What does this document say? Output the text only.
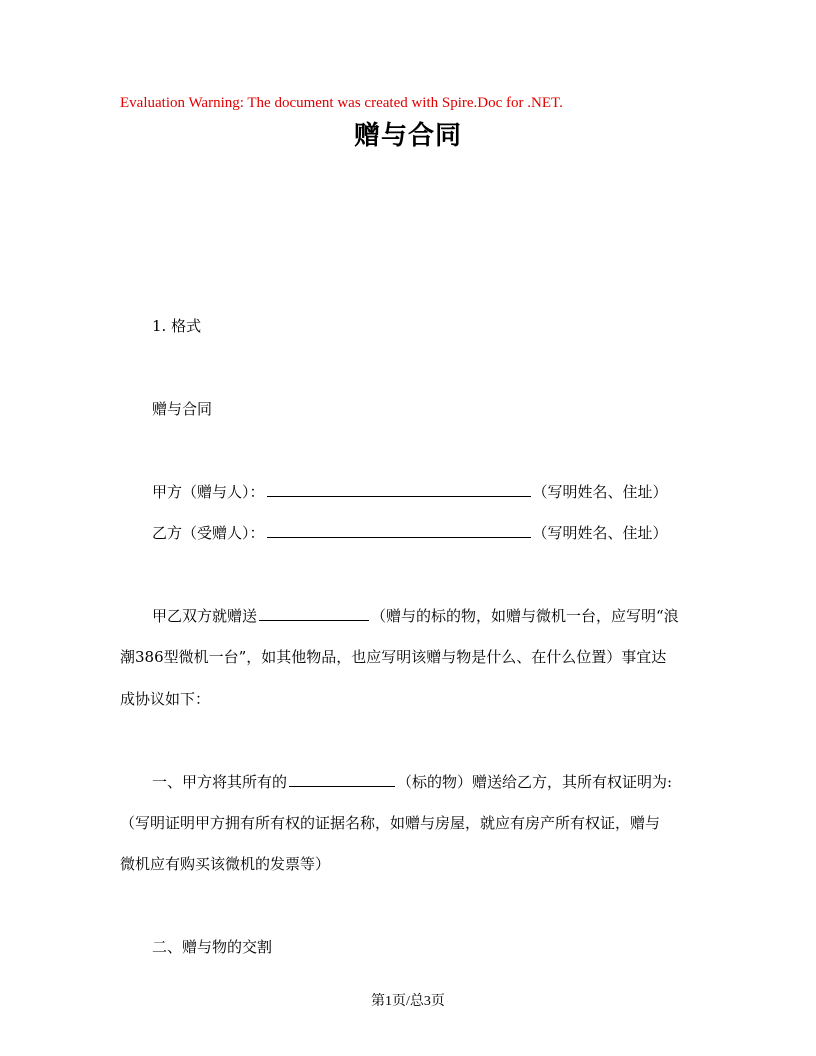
Evaluation Warning: The document was created with Spire.Doc for .NET.
赠与合同
1. 格式
赠与合同
甲方（赠与人）：	（写明姓名、住址）
乙方（受赠人）：	（写明姓名、住址）
甲乙双方就赠送	（赠与的标的物，如赠与微机一台，应写明“浪
潮386型微机一台”，如其他物品，也应写明该赠与物是什么、在什么位置）事宜达
成协议如下：
一、甲方将其所有的	（标的物）赠送给乙方，其所有权证明为:
（写明证明甲方拥有所有权的证据名称，如赠与房屋，就应有房产所有权证，赠与
微机应有购买该微机的发票等）
二、赠与物的交割
第1页/总3页
